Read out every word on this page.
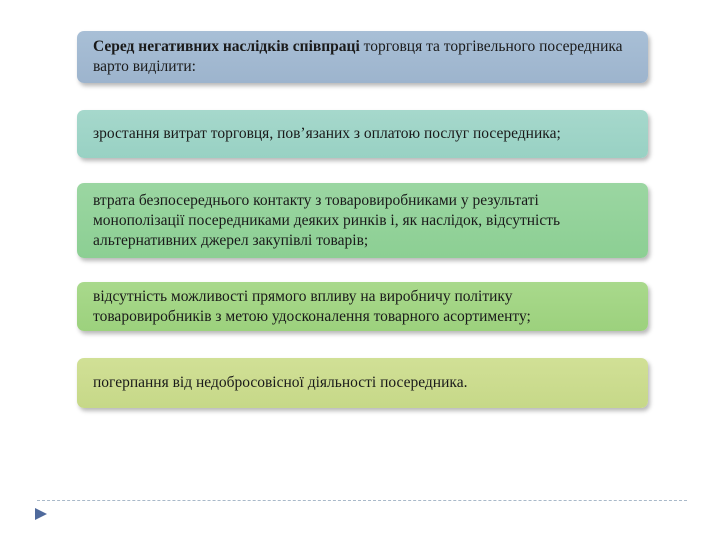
Серед негативних наслідків співпраці торговця та торгівельного посередника варто виділити:

зростання витрат торговця, пов’язаних з оплатою послуг посередника;

втрата безпосереднього контакту з товаровиробниками у результаті монополізації посередниками деяких ринків і, як наслідок, відсутність альтернативних джерел закупівлі товарів;

відсутність можливості прямого впливу на виробничу політику товаровиробників з метою удосконалення товарного асортименту;

погерпання від недобросовісної діяльності посередника.
